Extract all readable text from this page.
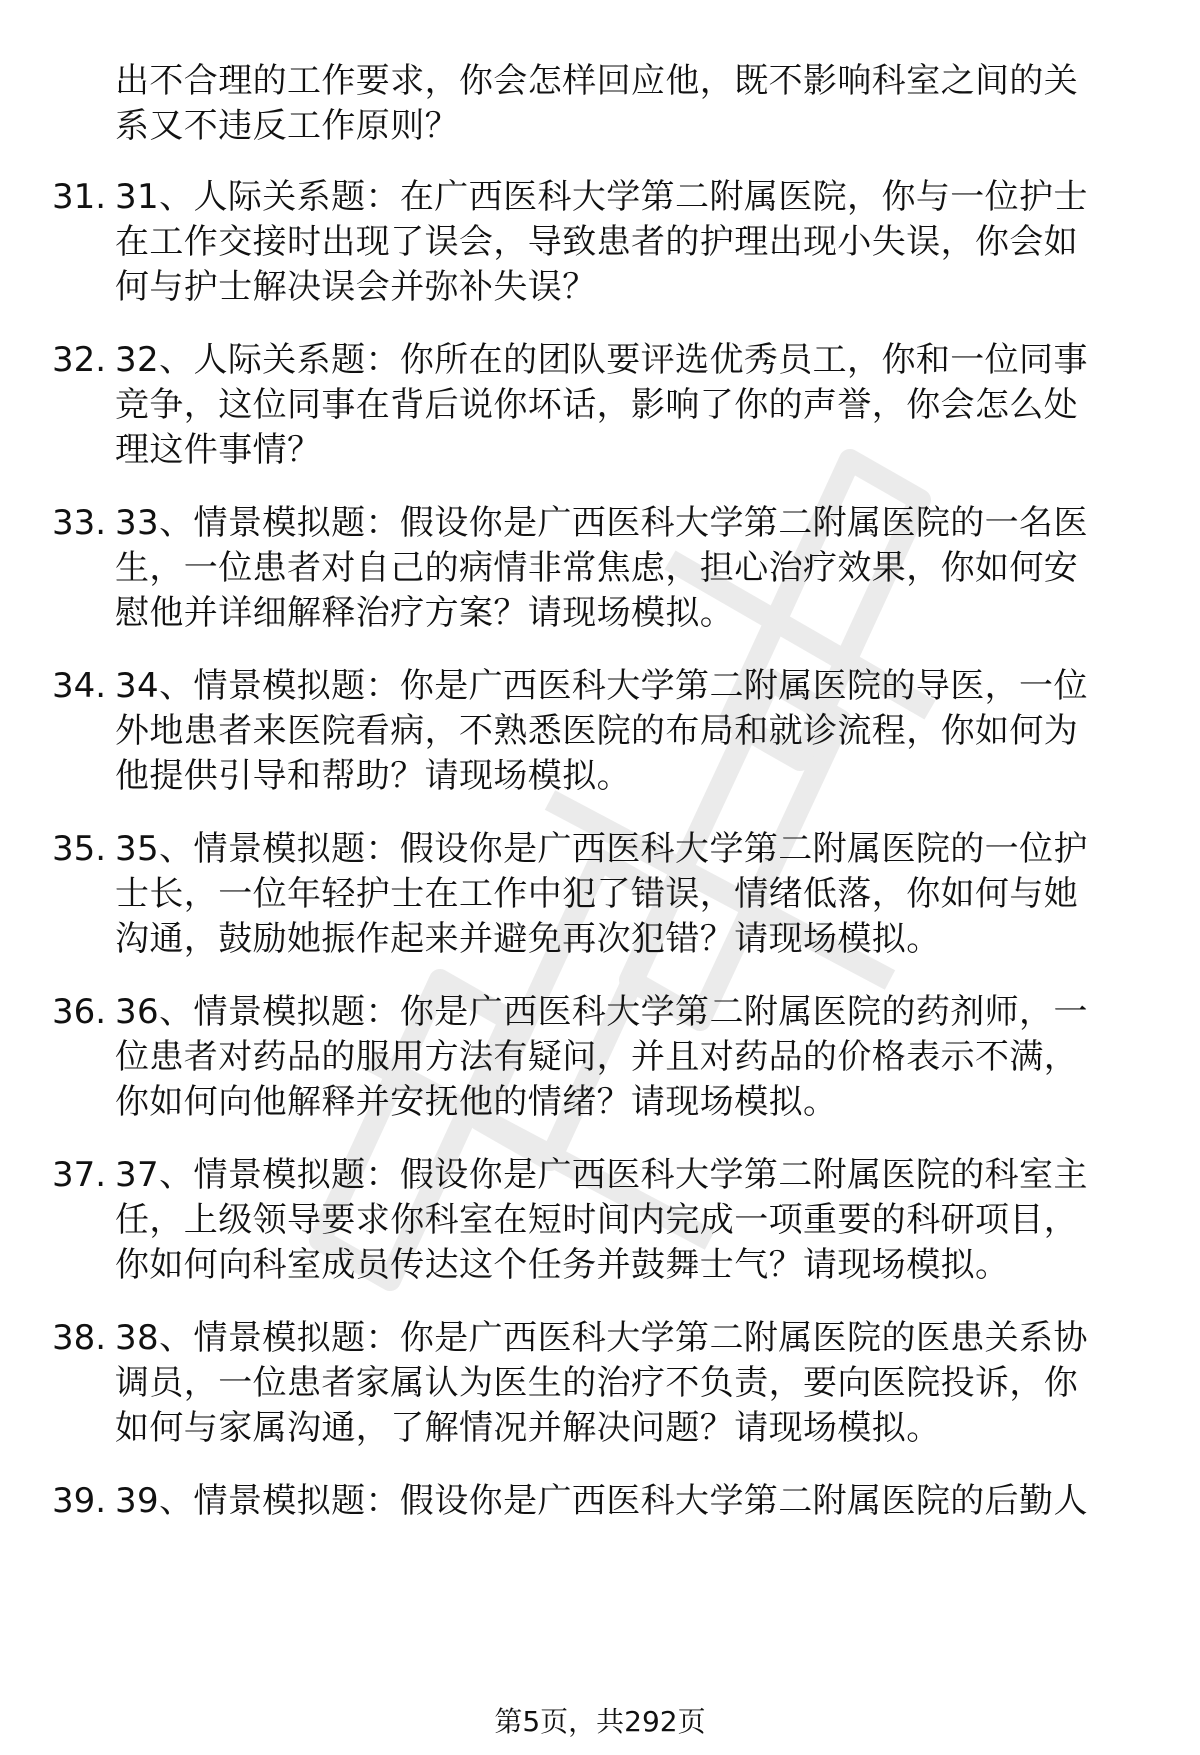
出不合理的工作要求，你会怎样回应他，既不影响科室之间的关
系又不违反工作原则？
31. 31、人际关系题：在广西医科大学第二附属医院，你与一位护士
在工作交接时出现了误会，导致患者的护理出现小失误，你会如
何与护士解决误会并弥补失误？
32. 32、人际关系题：你所在的团队要评选优秀员工，你和一位同事
竞争，这位同事在背后说你坏话，影响了你的声誉，你会怎么处
理这件事情？
33. 33、情景模拟题：假设你是广西医科大学第二附属医院的一名医
生，一位患者对自己的病情非常焦虑，担心治疗效果，你如何安
慰他并详细解释治疗方案？请现场模拟。
34. 34、情景模拟题：你是广西医科大学第二附属医院的导医，一位
外地患者来医院看病，不熟悉医院的布局和就诊流程，你如何为
他提供引导和帮助？请现场模拟。
35. 35、情景模拟题：假设你是广西医科大学第二附属医院的一位护
士长，一位年轻护士在工作中犯了错误，情绪低落，你如何与她
沟通，鼓励她振作起来并避免再次犯错？请现场模拟。
36. 36、情景模拟题：你是广西医科大学第二附属医院的药剂师，一
位患者对药品的服用方法有疑问，并且对药品的价格表示不满，
你如何向他解释并安抚他的情绪？请现场模拟。
37. 37、情景模拟题：假设你是广西医科大学第二附属医院的科室主
任，上级领导要求你科室在短时间内完成一项重要的科研项目，
你如何向科室成员传达这个任务并鼓舞士气？请现场模拟。
38. 38、情景模拟题：你是广西医科大学第二附属医院的医患关系协
调员，一位患者家属认为医生的治疗不负责，要向医院投诉，你
如何与家属沟通，了解情况并解决问题？请现场模拟。
39. 39、情景模拟题：假设你是广西医科大学第二附属医院的后勤人
第5页，共292页
